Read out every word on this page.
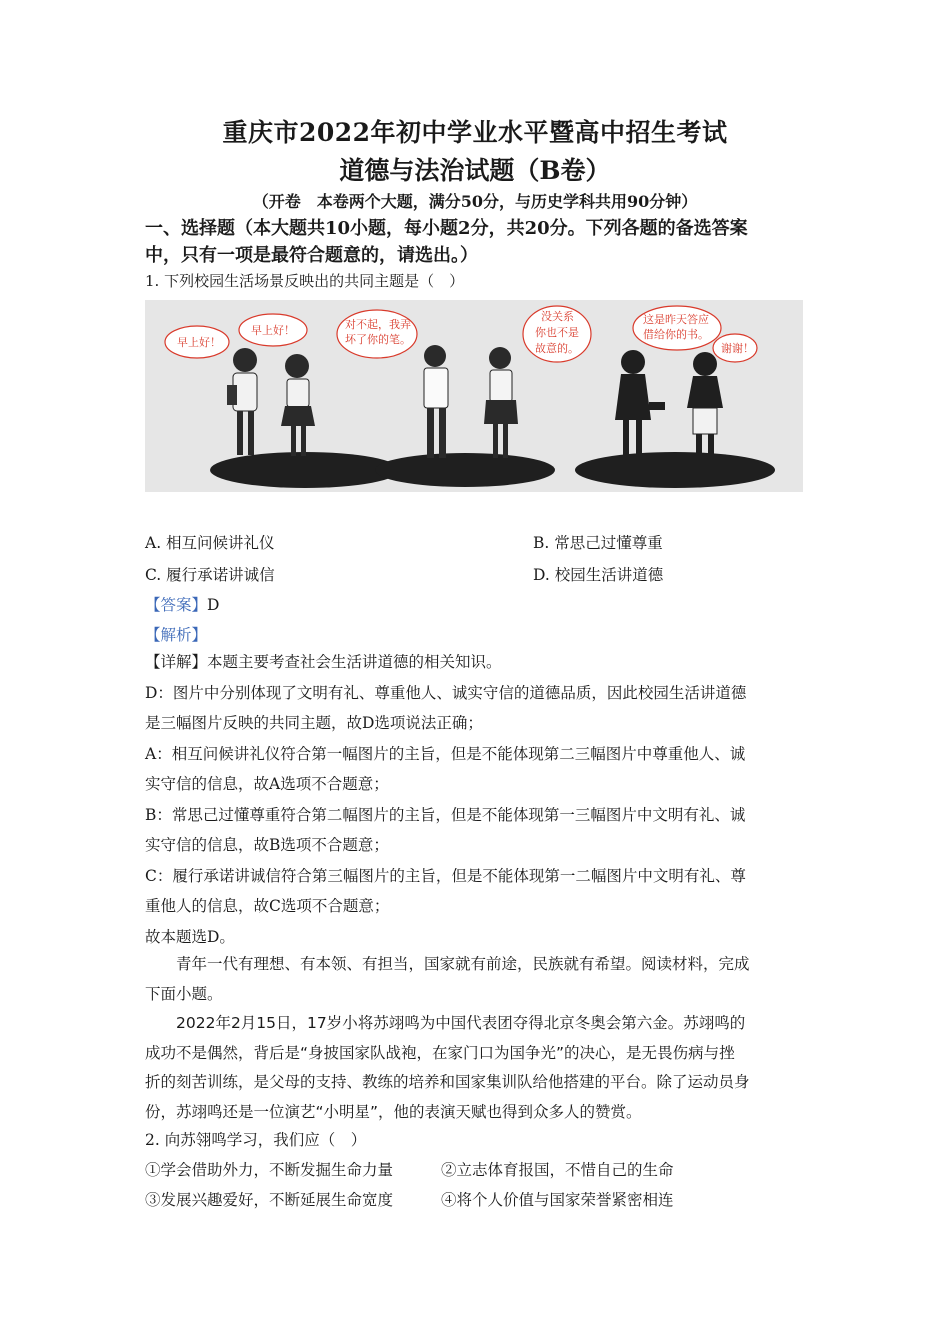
重庆市2022年初中学业水平暨高中招生考试
道德与法治试题（B卷）
（开卷　本卷两个大题，满分50分，与历史学科共用90分钟）
一、选择题（本大题共10小题，每小题2分，共20分。下列各题的备选答案
中，只有一项是最符合题意的，请选出。）
1. 下列校园生活场景反映出的共同主题是（　）
早上好！
早上好！	对不起，我弄
坏了你的笔。
没关系
你也不是
故意的。
这是昨天答应
借给你的书。
谢谢！
A. 相互问候讲礼仪	B. 常思己过懂尊重
C. 履行承诺讲诚信	D. 校园生活讲道德
【答案】D
【解析】

【详解】本题主要考查社会生活讲道德的相关知识。

D：图片中分别体现了文明有礼、尊重他人、诚实守信的道德品质，因此校园生活讲道德

是三幅图片反映的共同主题，故D选项说法正确；

A：相互问候讲礼仪符合第一幅图片的主旨，但是不能体现第二三幅图片中尊重他人、诚

实守信的信息，故A选项不合题意；

B：常思己过懂尊重符合第二幅图片的主旨，但是不能体现第一三幅图片中文明有礼、诚

实守信的信息，故B选项不合题意；

C：履行承诺讲诚信符合第三幅图片的主旨，但是不能体现第一二幅图片中文明有礼、尊

重他人的信息，故C选项不合题意；

故本题选D。

青年一代有理想、有本领、有担当，国家就有前途，民族就有希望。阅读材料，完成

下面小题。

2022年2月15日，17岁小将苏翊鸣为中国代表团夺得北京冬奥会第六金。苏翊鸣的

成功不是偶然，背后是“身披国家队战袍，在家门口为国争光”的决心，是无畏伤病与挫

折的刻苦训练，是父母的支持、教练的培养和国家集训队给他搭建的平台。除了运动员身

份，苏翊鸣还是一位演艺“小明星”，他的表演天赋也得到众多人的赞赏。

2. 向苏翎鸣学习，我们应（　）
①学会借助外力，不断发掘生命力量	②立志体育报国，不惜自己的生命
③发展兴趣爱好，不断延展生命宽度	④将个人价值与国家荣誉紧密相连
